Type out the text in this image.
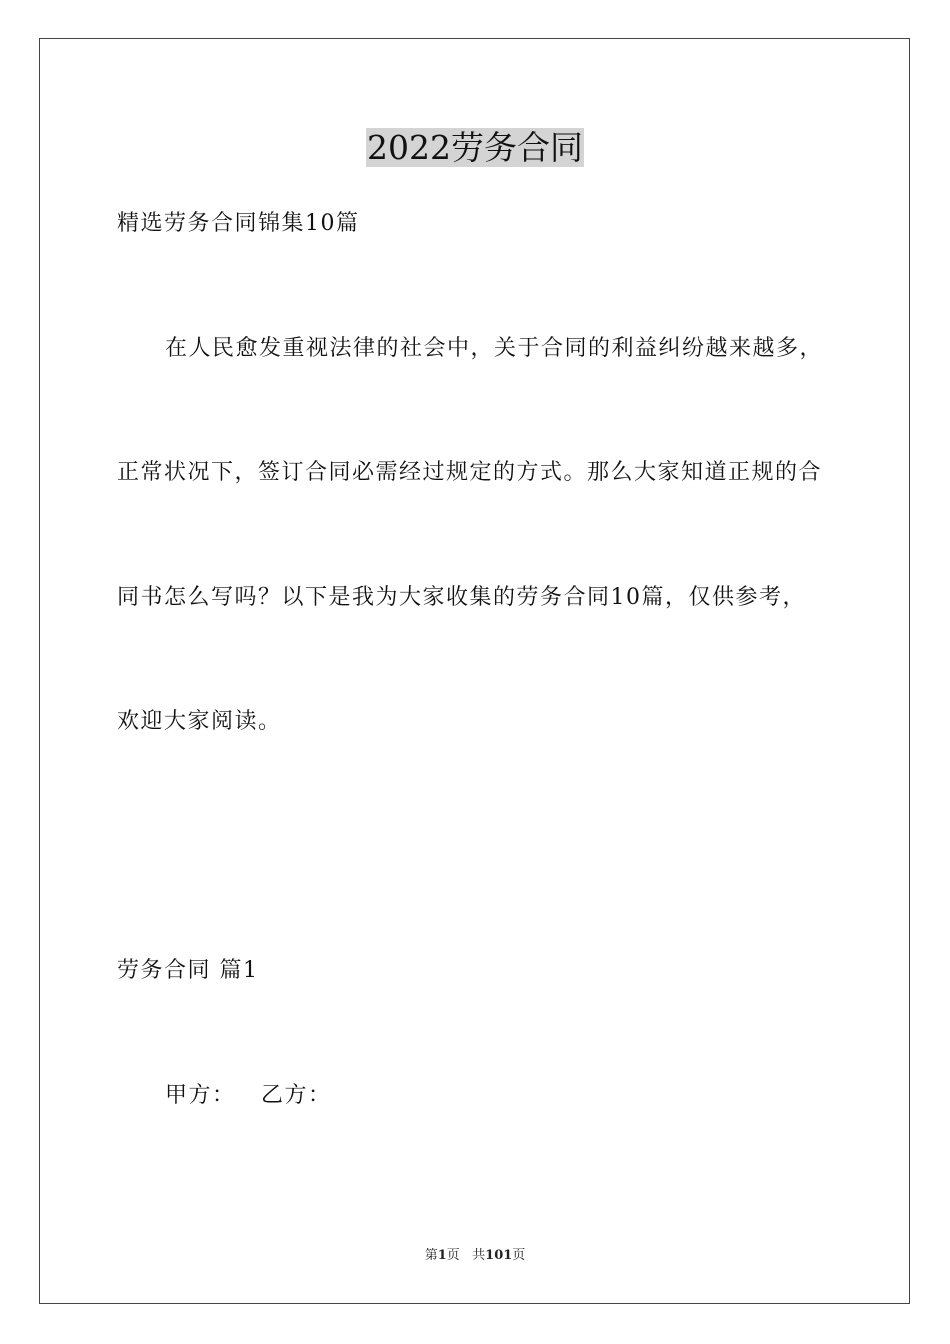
2022劳务合同
精选劳务合同锦集10篇
在人民愈发重视法律的社会中，关于合同的利益纠纷越来越多，
正常状况下，签订合同必需经过规定的方式。那么大家知道正规的合
同书怎么写吗？以下是我为大家收集的劳务合同10篇，仅供参考，
欢迎大家阅读。
劳务合同 篇1
甲方：   乙方：
第1页   共101页
